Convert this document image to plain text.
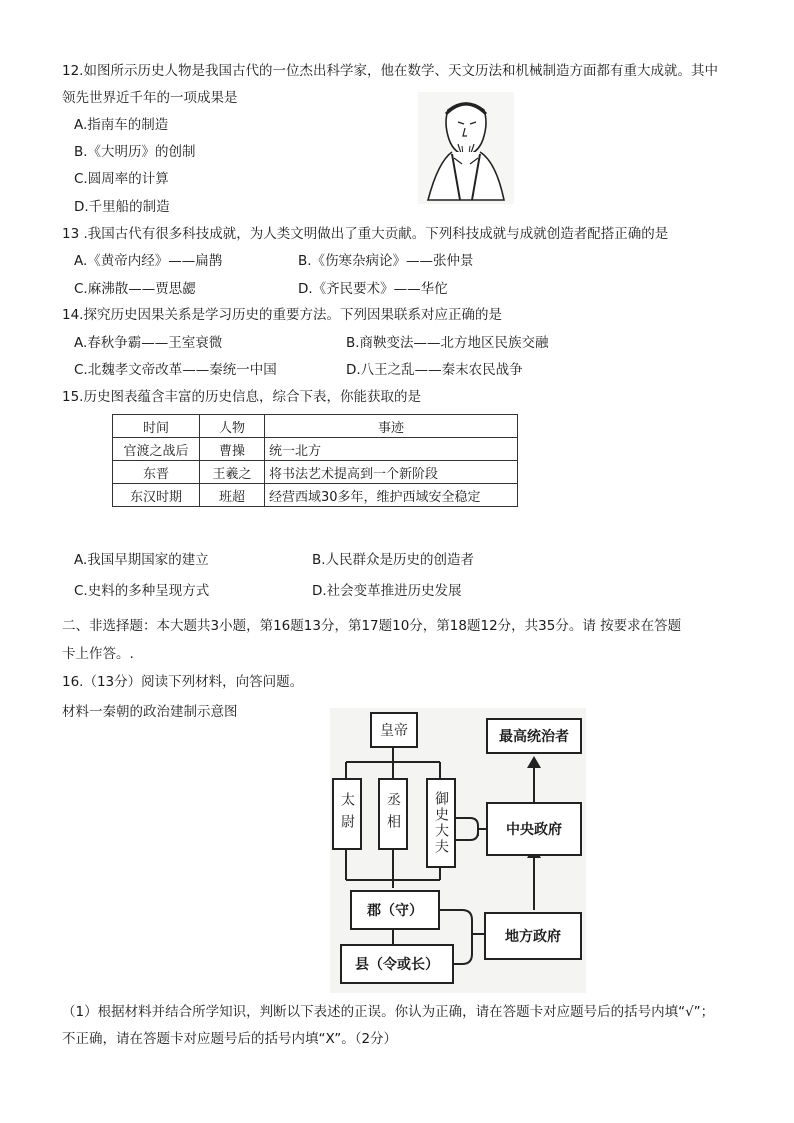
12.如图所示历史人物是我国古代的一位杰出科学家，他在数学、天文历法和机械制造方面都有重大成就。其中
领先世界近千年的一项成果是
A.指南车的制造
B.《大明历》的创制
C.圆周率的计算
D.千里船的制造
13 .我国古代有很多科技成就，为人类文明做出了重大贡献。下列科技成就与成就创造者配搭正确的是
A.《黄帝内经》——扁鹊	B.《伤寒杂病论》——张仲景
C.麻沸散——贾思勰	D.《齐民要术》——华佗
14.探究历史因果关系是学习历史的重要方法。下列因果联系对应正确的是
A.春秋争霸——王室衰微	B.商鞅变法——北方地区民族交融
C.北魏孝文帝改革——秦统一中国	D.八王之乱——秦末农民战争
15.历史图表蕴含丰富的历史信息，综合下表，你能获取的是
时间	人物	事迹
官渡之战后	曹操	统一北方
东晋	王羲之	将书法艺术提高到一个新阶段
东汉时期	班超	经营西域30多年，维护西域安全稳定
A.我国早期国家的建立	B.人民群众是历史的创造者
C.史料的多种呈现方式	D.社会变革推进历史发展
二、非选择题：本大题共3小题，第16题13分，第17题10分，第18题12分，共35分。请 按要求在答题
卡上作答。.
16.（13分）阅读下列材料，向答问题。
材料一秦朝的政治建制示意图
皇帝	最高统治者
太尉	丞相	御史大夫	中央政府
郡（守）
地方政府
县（令或长）
（1）根据材料并结合所学知识，判断以下表述的正误。你认为正确，请在答题卡对应题号后的括号内填“√”；
不正确，请在答题卡对应题号后的括号内填“X”。（2分）
